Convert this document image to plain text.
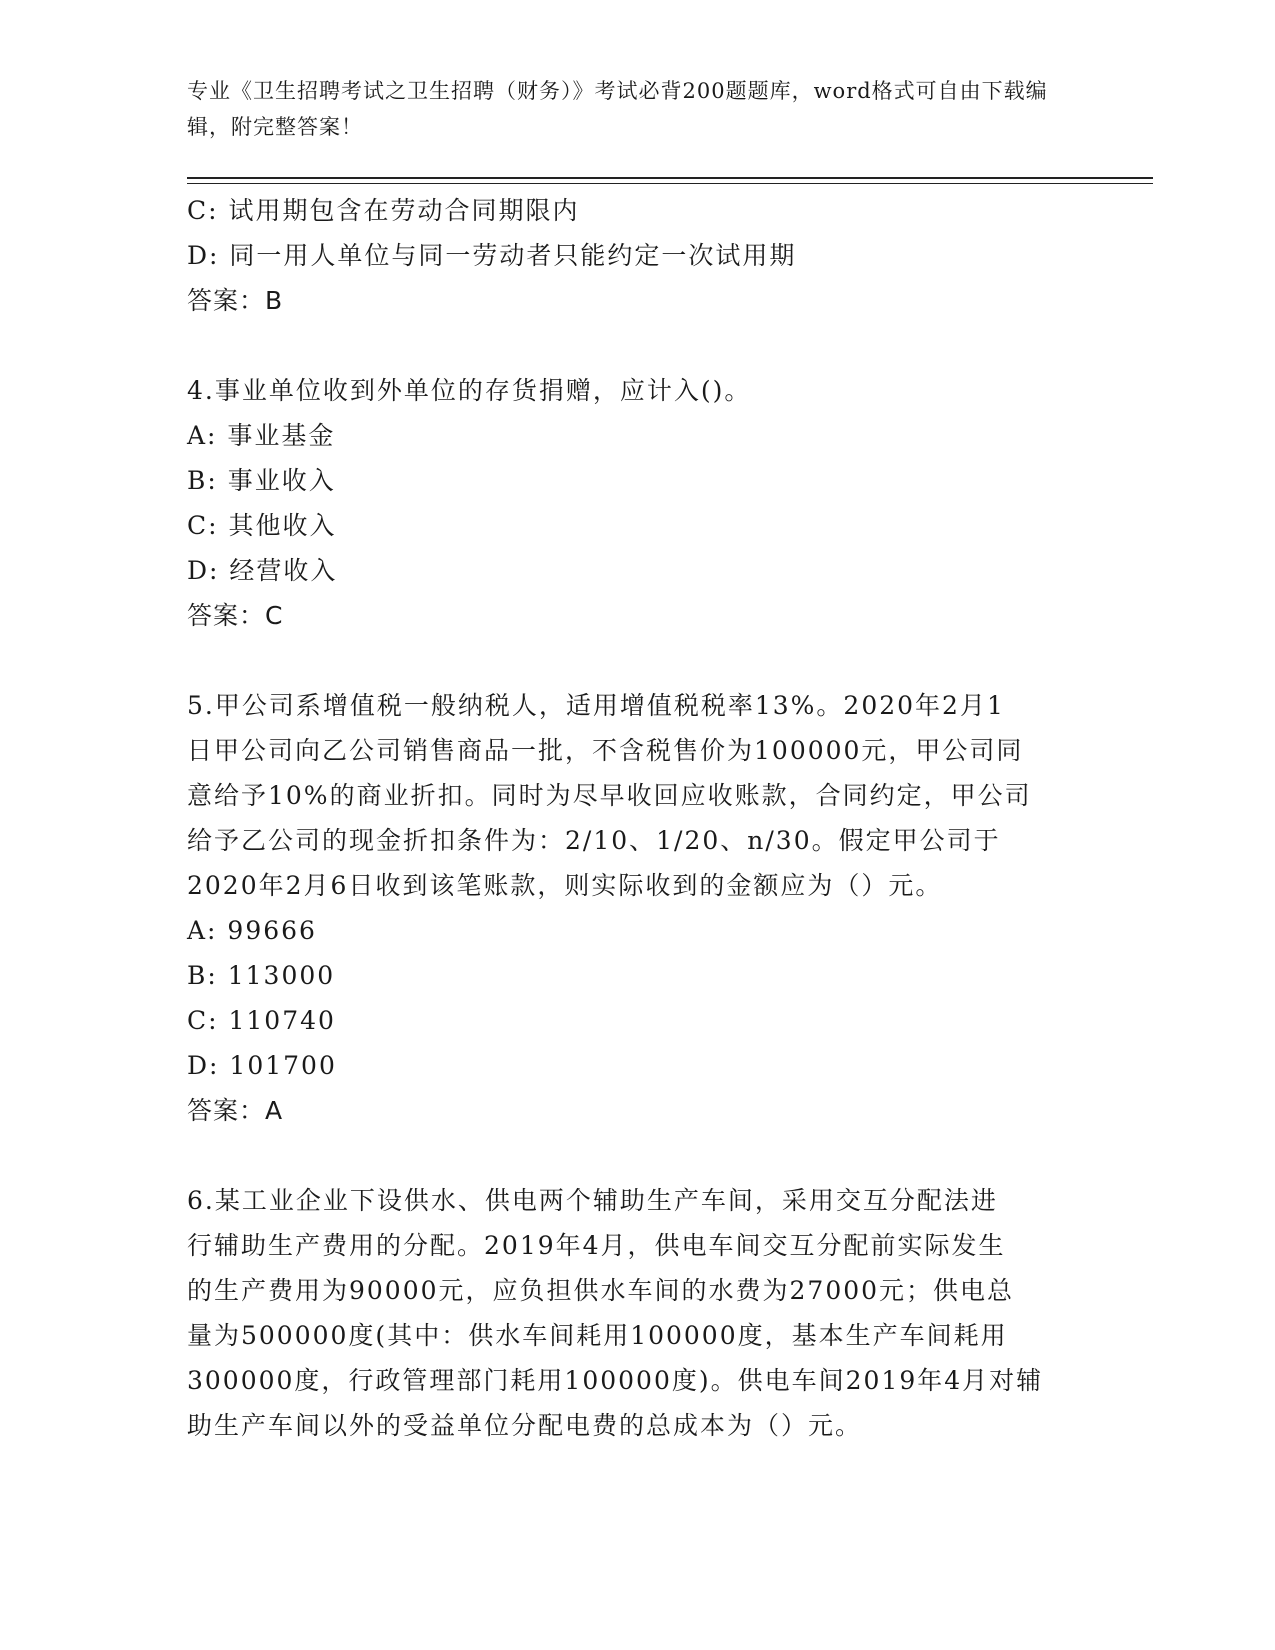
专业《卫生招聘考试之卫生招聘（财务）》考试必背200题题库，word格式可自由下载编辑，附完整答案！
C: 试用期包含在劳动合同期限内
D: 同一用人单位与同一劳动者只能约定一次试用期
答案：B
4.事业单位收到外单位的存货捐赠，应计入()。
A: 事业基金
B: 事业收入
C: 其他收入
D: 经营收入
答案：C
5.甲公司系增值税一般纳税人，适用增值税税率13%。2020年2月1
日甲公司向乙公司销售商品一批，不含税售价为100000元，甲公司同
意给予10%的商业折扣。同时为尽早收回应收账款，合同约定，甲公司
给予乙公司的现金折扣条件为：2/10、1/20、n/30。假定甲公司于
2020年2月6日收到该笔账款，则实际收到的金额应为（）元。
A: 99666
B: 113000
C: 110740
D: 101700
答案：A
6.某工业企业下设供水、供电两个辅助生产车间，采用交互分配法进
行辅助生产费用的分配。2019年4月，供电车间交互分配前实际发生
的生产费用为90000元，应负担供水车间的水费为27000元；供电总
量为500000度(其中：供水车间耗用100000度，基本生产车间耗用
300000度，行政管理部门耗用100000度)。供电车间2019年4月对辅
助生产车间以外的受益单位分配电费的总成本为（）元。
